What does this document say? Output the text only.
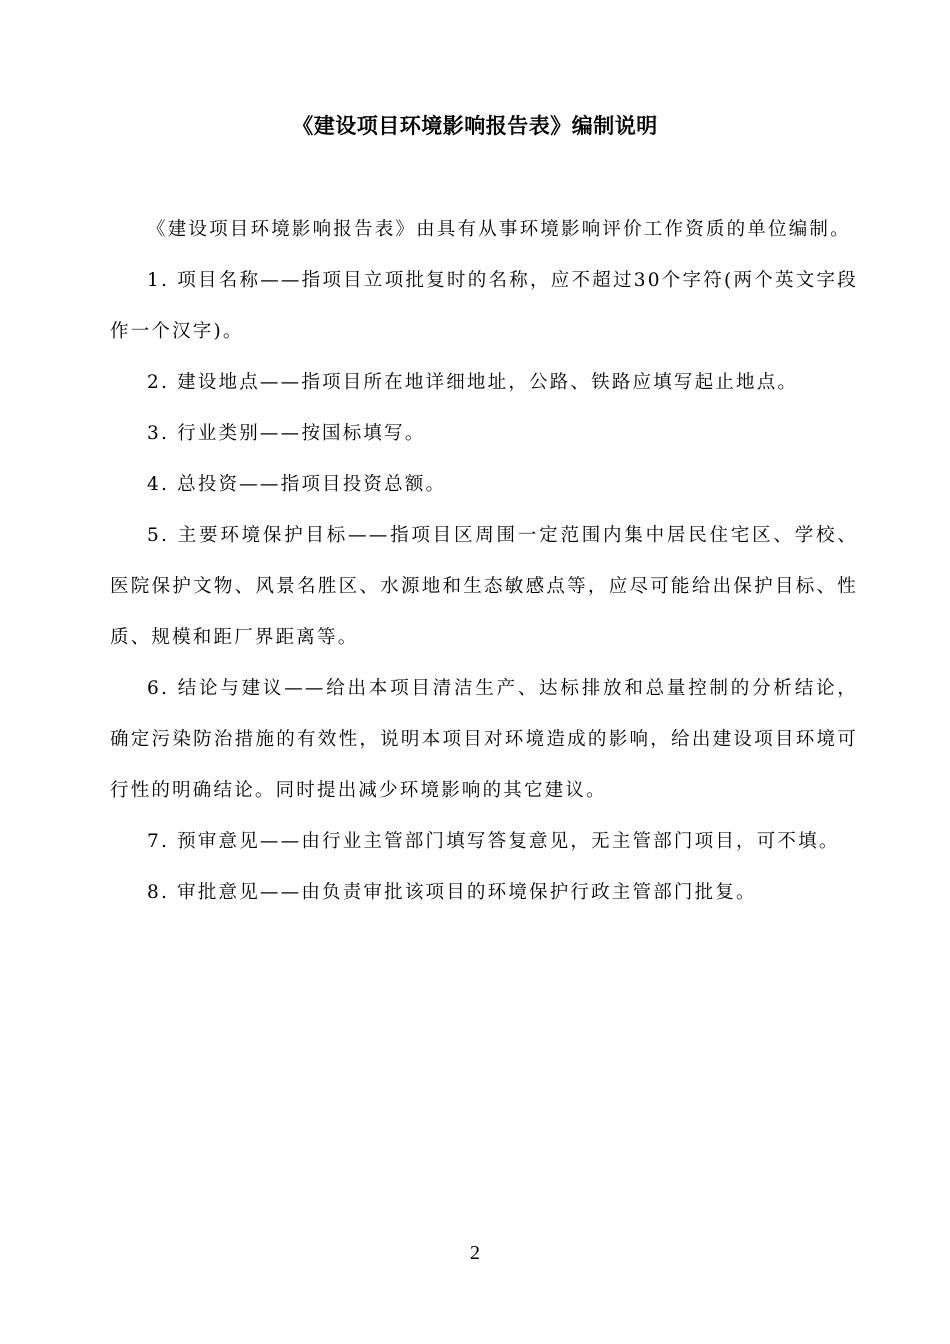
《建设项目环境影响报告表》编制说明

《建设项目环境影响报告表》由具有从事环境影响评价工作资质的单位编制。

1. 项目名称——指项目立项批复时的名称，应不超过30个字符(两个英文字段作一个汉字)。

2. 建设地点——指项目所在地详细地址，公路、铁路应填写起止地点。

3. 行业类别——按国标填写。

4. 总投资——指项目投资总额。

5. 主要环境保护目标——指项目区周围一定范围内集中居民住宅区、学校、医院保护文物、风景名胜区、水源地和生态敏感点等，应尽可能给出保护目标、性质、规模和距厂界距离等。

6. 结论与建议——给出本项目清洁生产、达标排放和总量控制的分析结论，确定污染防治措施的有效性，说明本项目对环境造成的影响，给出建设项目环境可行性的明确结论。同时提出减少环境影响的其它建议。

7. 预审意见——由行业主管部门填写答复意见，无主管部门项目，可不填。

8. 审批意见——由负责审批该项目的环境保护行政主管部门批复。

2
